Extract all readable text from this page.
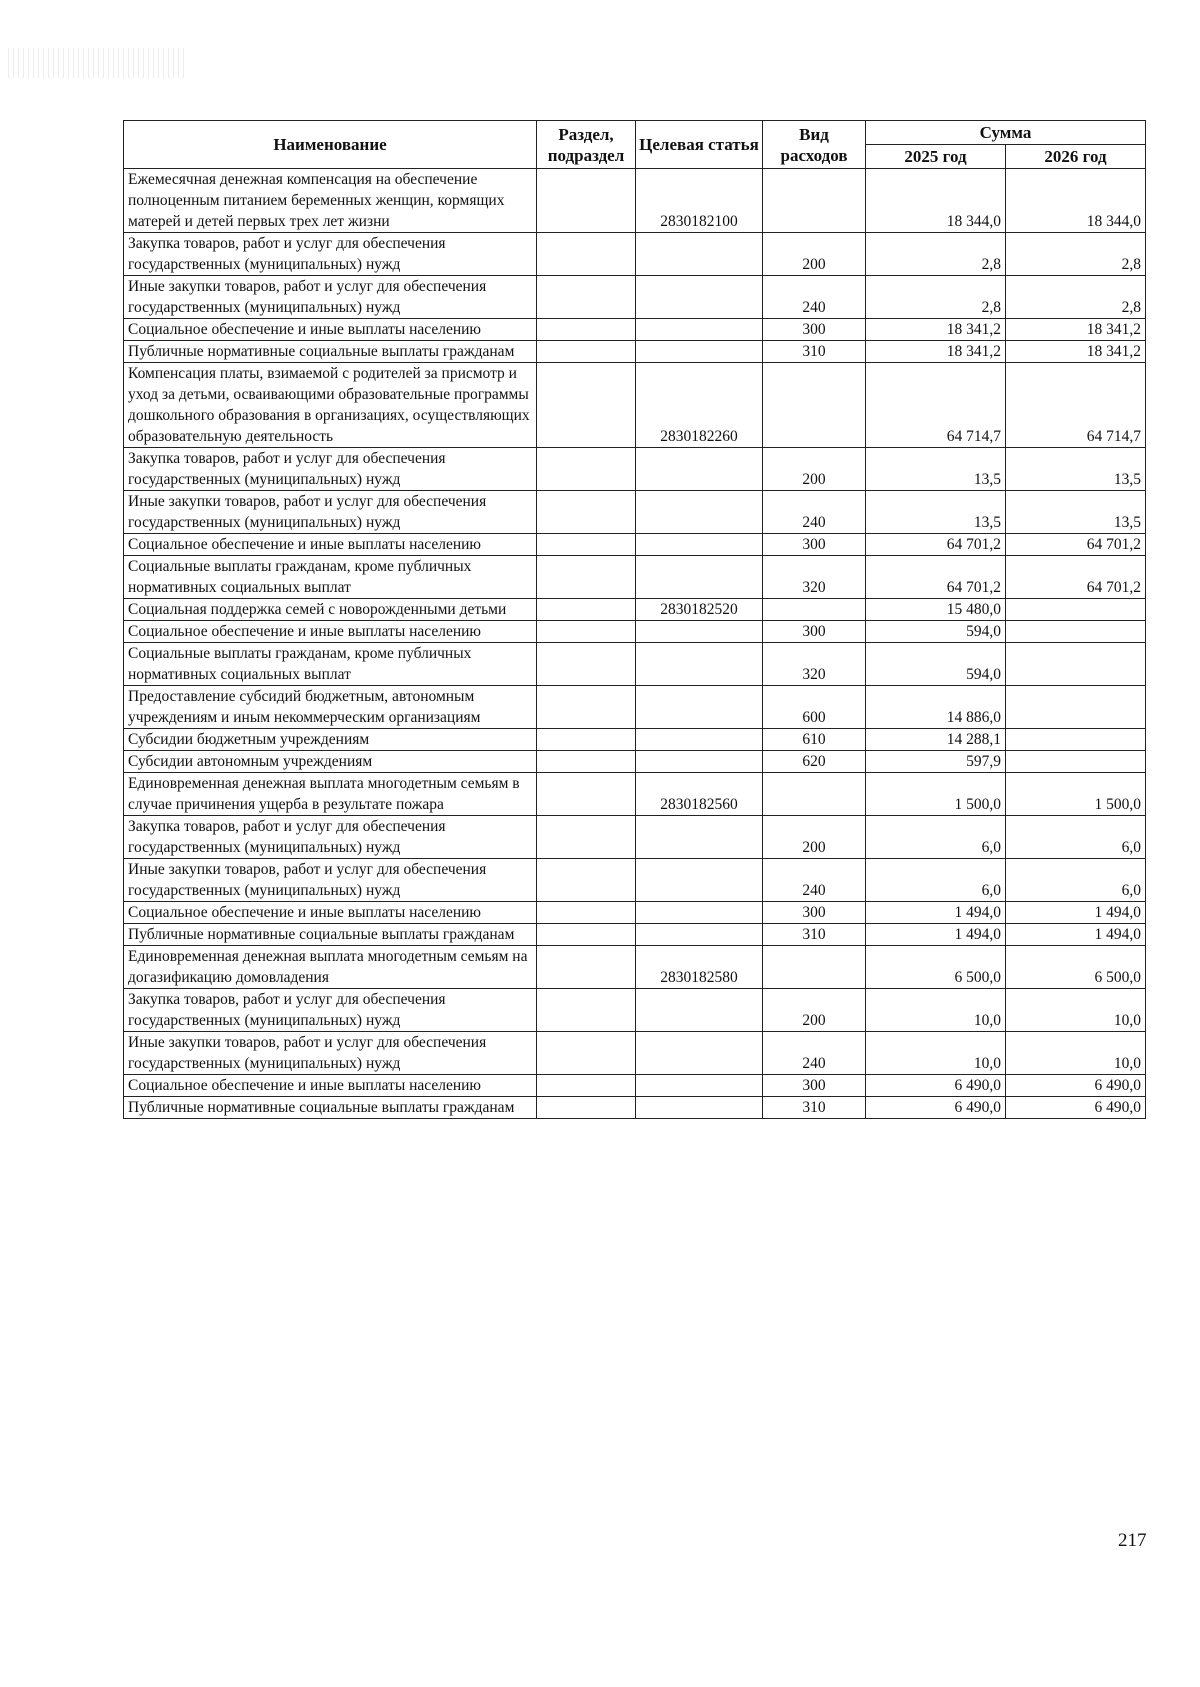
Наименование	Раздел, подраздел	Целевая статья	Вид расходов	Сумма	
				2025 год	2026 год
Ежемесячная денежная компенсация на обеспечение полноценным питанием беременных женщин, кормящих матерей и детей первых трех лет жизни		2830182100		18 344,0	18 344,0
Закупка товаров, работ и услуг для обеспечения государственных (муниципальных) нужд			200	2,8	2,8
Иные закупки товаров, работ и услуг для обеспечения государственных (муниципальных) нужд			240	2,8	2,8
Социальное обеспечение и иные выплаты населению			300	18 341,2	18 341,2
Публичные нормативные социальные выплаты гражданам			310	18 341,2	18 341,2
Компенсация платы, взимаемой с родителей за присмотр и уход за детьми, осваивающими образовательные программы дошкольного образования в организациях, осуществляющих образовательную деятельность		2830182260		64 714,7	64 714,7
Закупка товаров, работ и услуг для обеспечения государственных (муниципальных) нужд			200	13,5	13,5
Иные закупки товаров, работ и услуг для обеспечения государственных (муниципальных) нужд			240	13,5	13,5
Социальное обеспечение и иные выплаты населению			300	64 701,2	64 701,2
Социальные выплаты гражданам, кроме публичных нормативных социальных выплат			320	64 701,2	64 701,2
Социальная поддержка семей с новорожденными детьми		2830182520		15 480,0	
Социальное обеспечение и иные выплаты населению			300	594,0	
Социальные выплаты гражданам, кроме публичных нормативных социальных выплат			320	594,0	
Предоставление субсидий бюджетным, автономным учреждениям и иным некоммерческим организациям			600	14 886,0	
Субсидии бюджетным учреждениям			610	14 288,1	
Субсидии автономным учреждениям			620	597,9	
Единовременная денежная выплата многодетным семьям в случае причинения ущерба в результате пожара		2830182560		1 500,0	1 500,0
Закупка товаров, работ и услуг для обеспечения государственных (муниципальных) нужд			200	6,0	6,0
Иные закупки товаров, работ и услуг для обеспечения государственных (муниципальных) нужд			240	6,0	6,0
Социальное обеспечение и иные выплаты населению			300	1 494,0	1 494,0
Публичные нормативные социальные выплаты гражданам			310	1 494,0	1 494,0
Единовременная денежная выплата многодетным семьям на догазификацию домовладения		2830182580		6 500,0	6 500,0
Закупка товаров, работ и услуг для обеспечения государственных (муниципальных) нужд			200	10,0	10,0
Иные закупки товаров, работ и услуг для обеспечения государственных (муниципальных) нужд			240	10,0	10,0
Социальное обеспечение и иные выплаты населению			300	6 490,0	6 490,0
Публичные нормативные социальные выплаты гражданам			310	6 490,0	6 490,0
217
